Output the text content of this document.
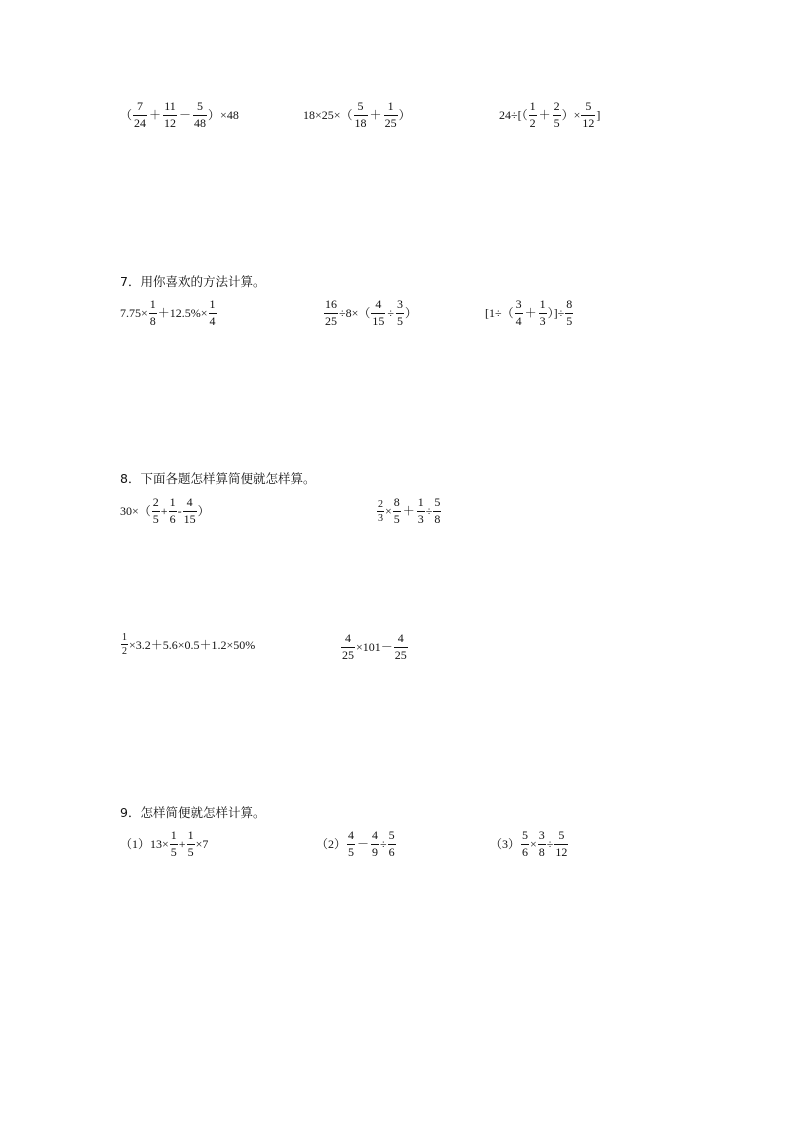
（ $\frac{7}{24} + \frac{11}{12} - \frac{5}{48} )\times 48$	$18\times 25\times( \frac{5}{18} + \frac{1}{25}$ ）	$24\div[( \frac{1}{2} + \frac{2}{5}$ ）× $\frac{5}{12}$ ]
7．用你喜欢的方法计算。
$7.75\times \frac{1}{8} +12.5\%\times \frac{1}{4}$	$\frac{16}{25} \div 8\times( \frac{4}{15} \div \frac{3}{5}$ ）	[$1\div( \frac{3}{4} + \frac{1}{3}$ ）]÷ $\frac{8}{5}$
8．下面各题怎样算简便就怎样算。
$30\times( \frac{2}{5} + \frac{1}{6} - \frac{4}{15}$ ）	$\frac{2}{3} \times \frac{8}{5} + \frac{1}{3} \div \frac{5}{8}$
$\frac{1}{2} \times 3.2+5.6\times 0.5+1.2\times 50\%$	$\frac{4}{25} \times 101- \frac{4}{25}$
9．怎样简便就怎样计算。
（1） $13\times \frac{1}{5} + \frac{1}{5} \times 7$	$(2) \frac{4}{5} - \frac{4}{9} \div \frac{5}{6}$	$(3) \frac{5}{6} \times \frac{3}{8} \div \frac{5}{12}$
